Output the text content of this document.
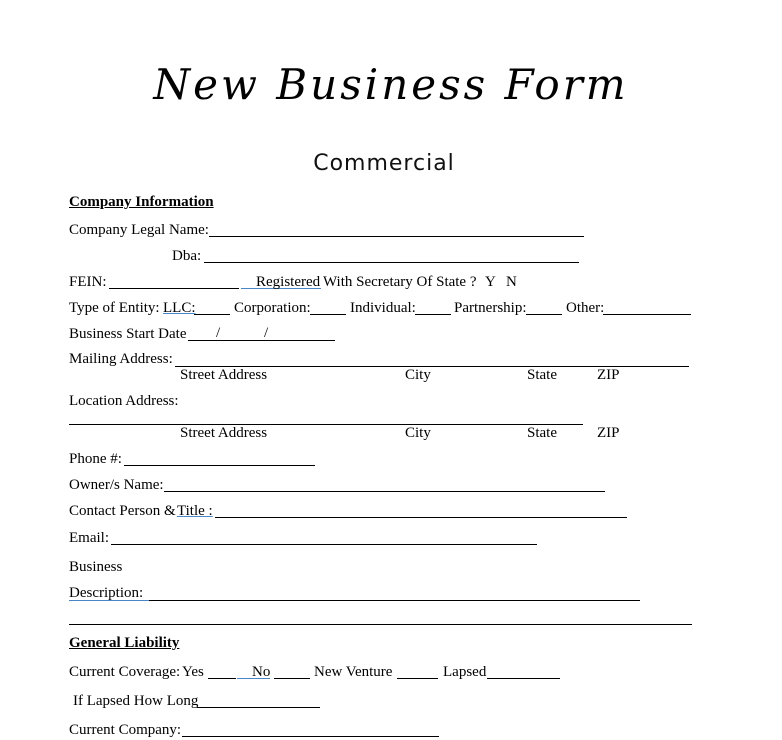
New Business Form
Commercial
Company Information
Company Legal Name:
Dba:
FEIN:	Registered With Secretary Of State ? Y N
Type of Entity: LLC:	Corporation:	Individual:	Partnership:	Other:
Business Start Date /	/
Mailing Address:
Street Address	City	State	ZIP
Location Address:
Street Address	City	State	ZIP
Phone #:
Owner/s Name:
Contact Person & Title :
Email:
Business
Description:
General Liability
Current Coverage: Yes	No	New Venture	Lapsed
If Lapsed How Long
Current Company:
